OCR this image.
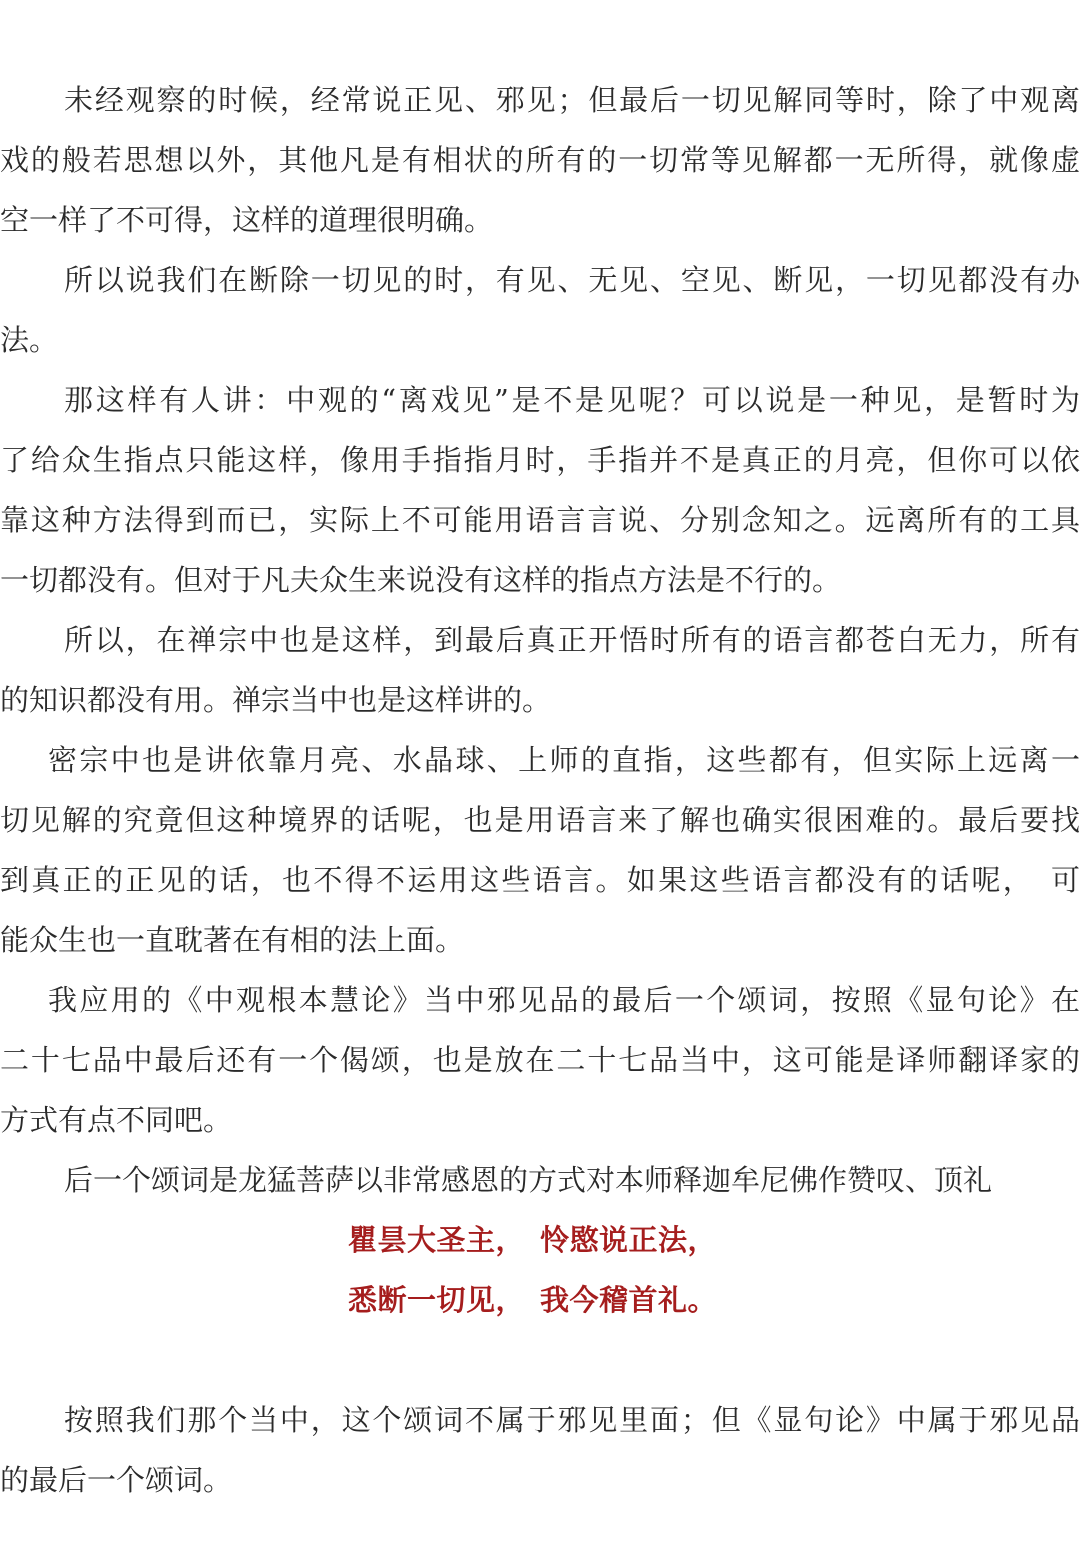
未经观察的时候，经常说正见、邪见；但最后一切见解同等时，除了中观离

戏的般若思想以外，其他凡是有相状的所有的一切常等见解都一无所得，就像虚

空一样了不可得，这样的道理很明确。

所以说我们在断除一切见的时，有见、无见、空见、断见，一切见都没有办

法。

那这样有人讲：中观的“离戏见”是不是见呢？可以说是一种见，是暂时为

了给众生指点只能这样，像用手指指月时，手指并不是真正的月亮，但你可以依

靠这种方法得到而已，实际上不可能用语言言说、分别念知之。远离所有的工具

一切都没有。但对于凡夫众生来说没有这样的指点方法是不行的。

所以，在禅宗中也是这样，到最后真正开悟时所有的语言都苍白无力，所有

的知识都没有用。禅宗当中也是这样讲的。

密宗中也是讲依靠月亮、水晶球、上师的直指，这些都有，但实际上远离一

切见解的究竟但这种境界的话呢，也是用语言来了解也确实很困难的。最后要找

到真正的正见的话，也不得不运用这些语言。如果这些语言都没有的话呢，　可

能众生也一直耽著在有相的法上面。

我应用的《中观根本慧论》当中邪见品的最后一个颂词，按照《显句论》在

二十七品中最后还有一个偈颂，也是放在二十七品当中，这可能是译师翻译家的

方式有点不同吧。

后一个颂词是龙猛菩萨以非常感恩的方式对本师释迦牟尼佛作赞叹、顶礼

瞿昙大圣主，　怜愍说正法，

悉断一切见，　我今稽首礼。

按照我们那个当中，这个颂词不属于邪见里面；但《显句论》中属于邪见品

的最后一个颂词。
